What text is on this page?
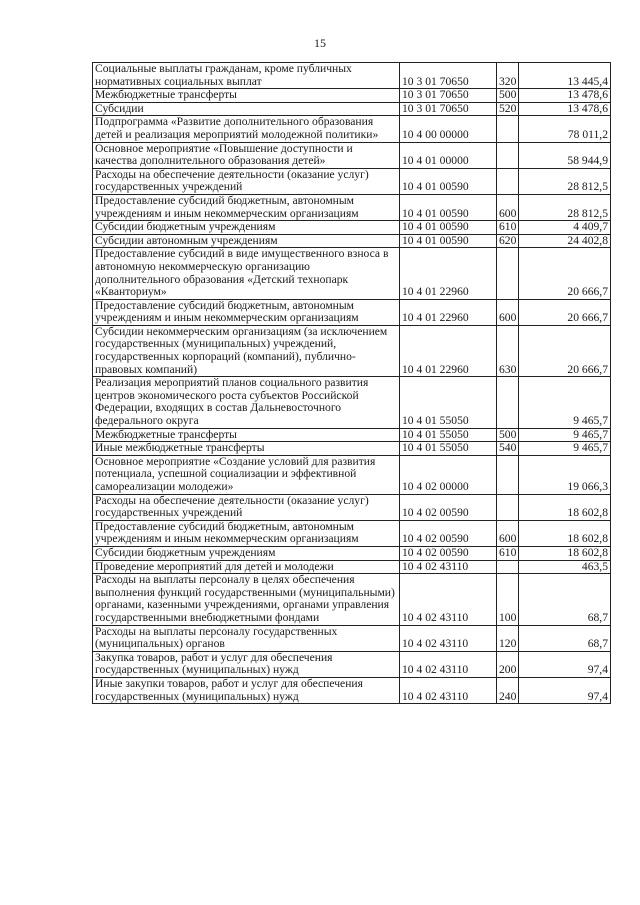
15
Социальные выплаты гражданам, кроме публичных нормативных социальных выплат	10 3 01 70650	320	13 445,4
Межбюджетные трансферты	10 3 01 70650	500	13 478,6
Субсидии	10 3 01 70650	520	13 478,6
Подпрограмма «Развитие дополнительного образования детей и реализация мероприятий молодежной политики»	10 4 00 00000		78 011,2
Основное мероприятие «Повышение доступности и качества дополнительного образования детей»	10 4 01 00000		58 944,9
Расходы на обеспечение деятельности (оказание услуг) государственных учреждений	10 4 01 00590		28 812,5
Предоставление субсидий бюджетным, автономным учреждениям и иным некоммерческим организациям	10 4 01 00590	600	28 812,5
Субсидии бюджетным учреждениям	10 4 01 00590	610	4 409,7
Субсидии автономным учреждениям	10 4 01 00590	620	24 402,8
Предоставление субсидий в виде имущественного взноса в автономную некоммерческую организацию дополнительного образования «Детский технопарк «Кванториум»	10 4 01 22960		20 666,7
Предоставление субсидий бюджетным, автономным учреждениям и иным некоммерческим организациям	10 4 01 22960	600	20 666,7
Субсидии некоммерческим организациям (за исключением государственных (муниципальных) учреждений, государственных корпораций (компаний), публично-правовых компаний)	10 4 01 22960	630	20 666,7
Реализация мероприятий планов социального развития центров экономического роста субъектов Российской Федерации, входящих в состав Дальневосточного федерального округа	10 4 01 55050		9 465,7
Межбюджетные трансферты	10 4 01 55050	500	9 465,7
Иные межбюджетные трансферты	10 4 01 55050	540	9 465,7
Основное мероприятие «Создание условий для развития потенциала, успешной социализации и эффективной самореализации молодежи»	10 4 02 00000		19 066,3
Расходы на обеспечение деятельности (оказание услуг) государственных учреждений	10 4 02 00590		18 602,8
Предоставление субсидий бюджетным, автономным учреждениям и иным некоммерческим организациям	10 4 02 00590	600	18 602,8
Субсидии бюджетным учреждениям	10 4 02 00590	610	18 602,8
Проведение мероприятий для детей и молодежи	10 4 02 43110		463,5
Расходы на выплаты персоналу в целях обеспечения выполнения функций государственными (муниципальными) органами, казенными учреждениями, органами управления государственными внебюджетными фондами	10 4 02 43110	100	68,7
Расходы на выплаты персоналу государственных (муниципальных) органов	10 4 02 43110	120	68,7
Закупка товаров, работ и услуг для обеспечения государственных (муниципальных) нужд	10 4 02 43110	200	97,4
Иные закупки товаров, работ и услуг для обеспечения государственных (муниципальных) нужд	10 4 02 43110	240	97,4
